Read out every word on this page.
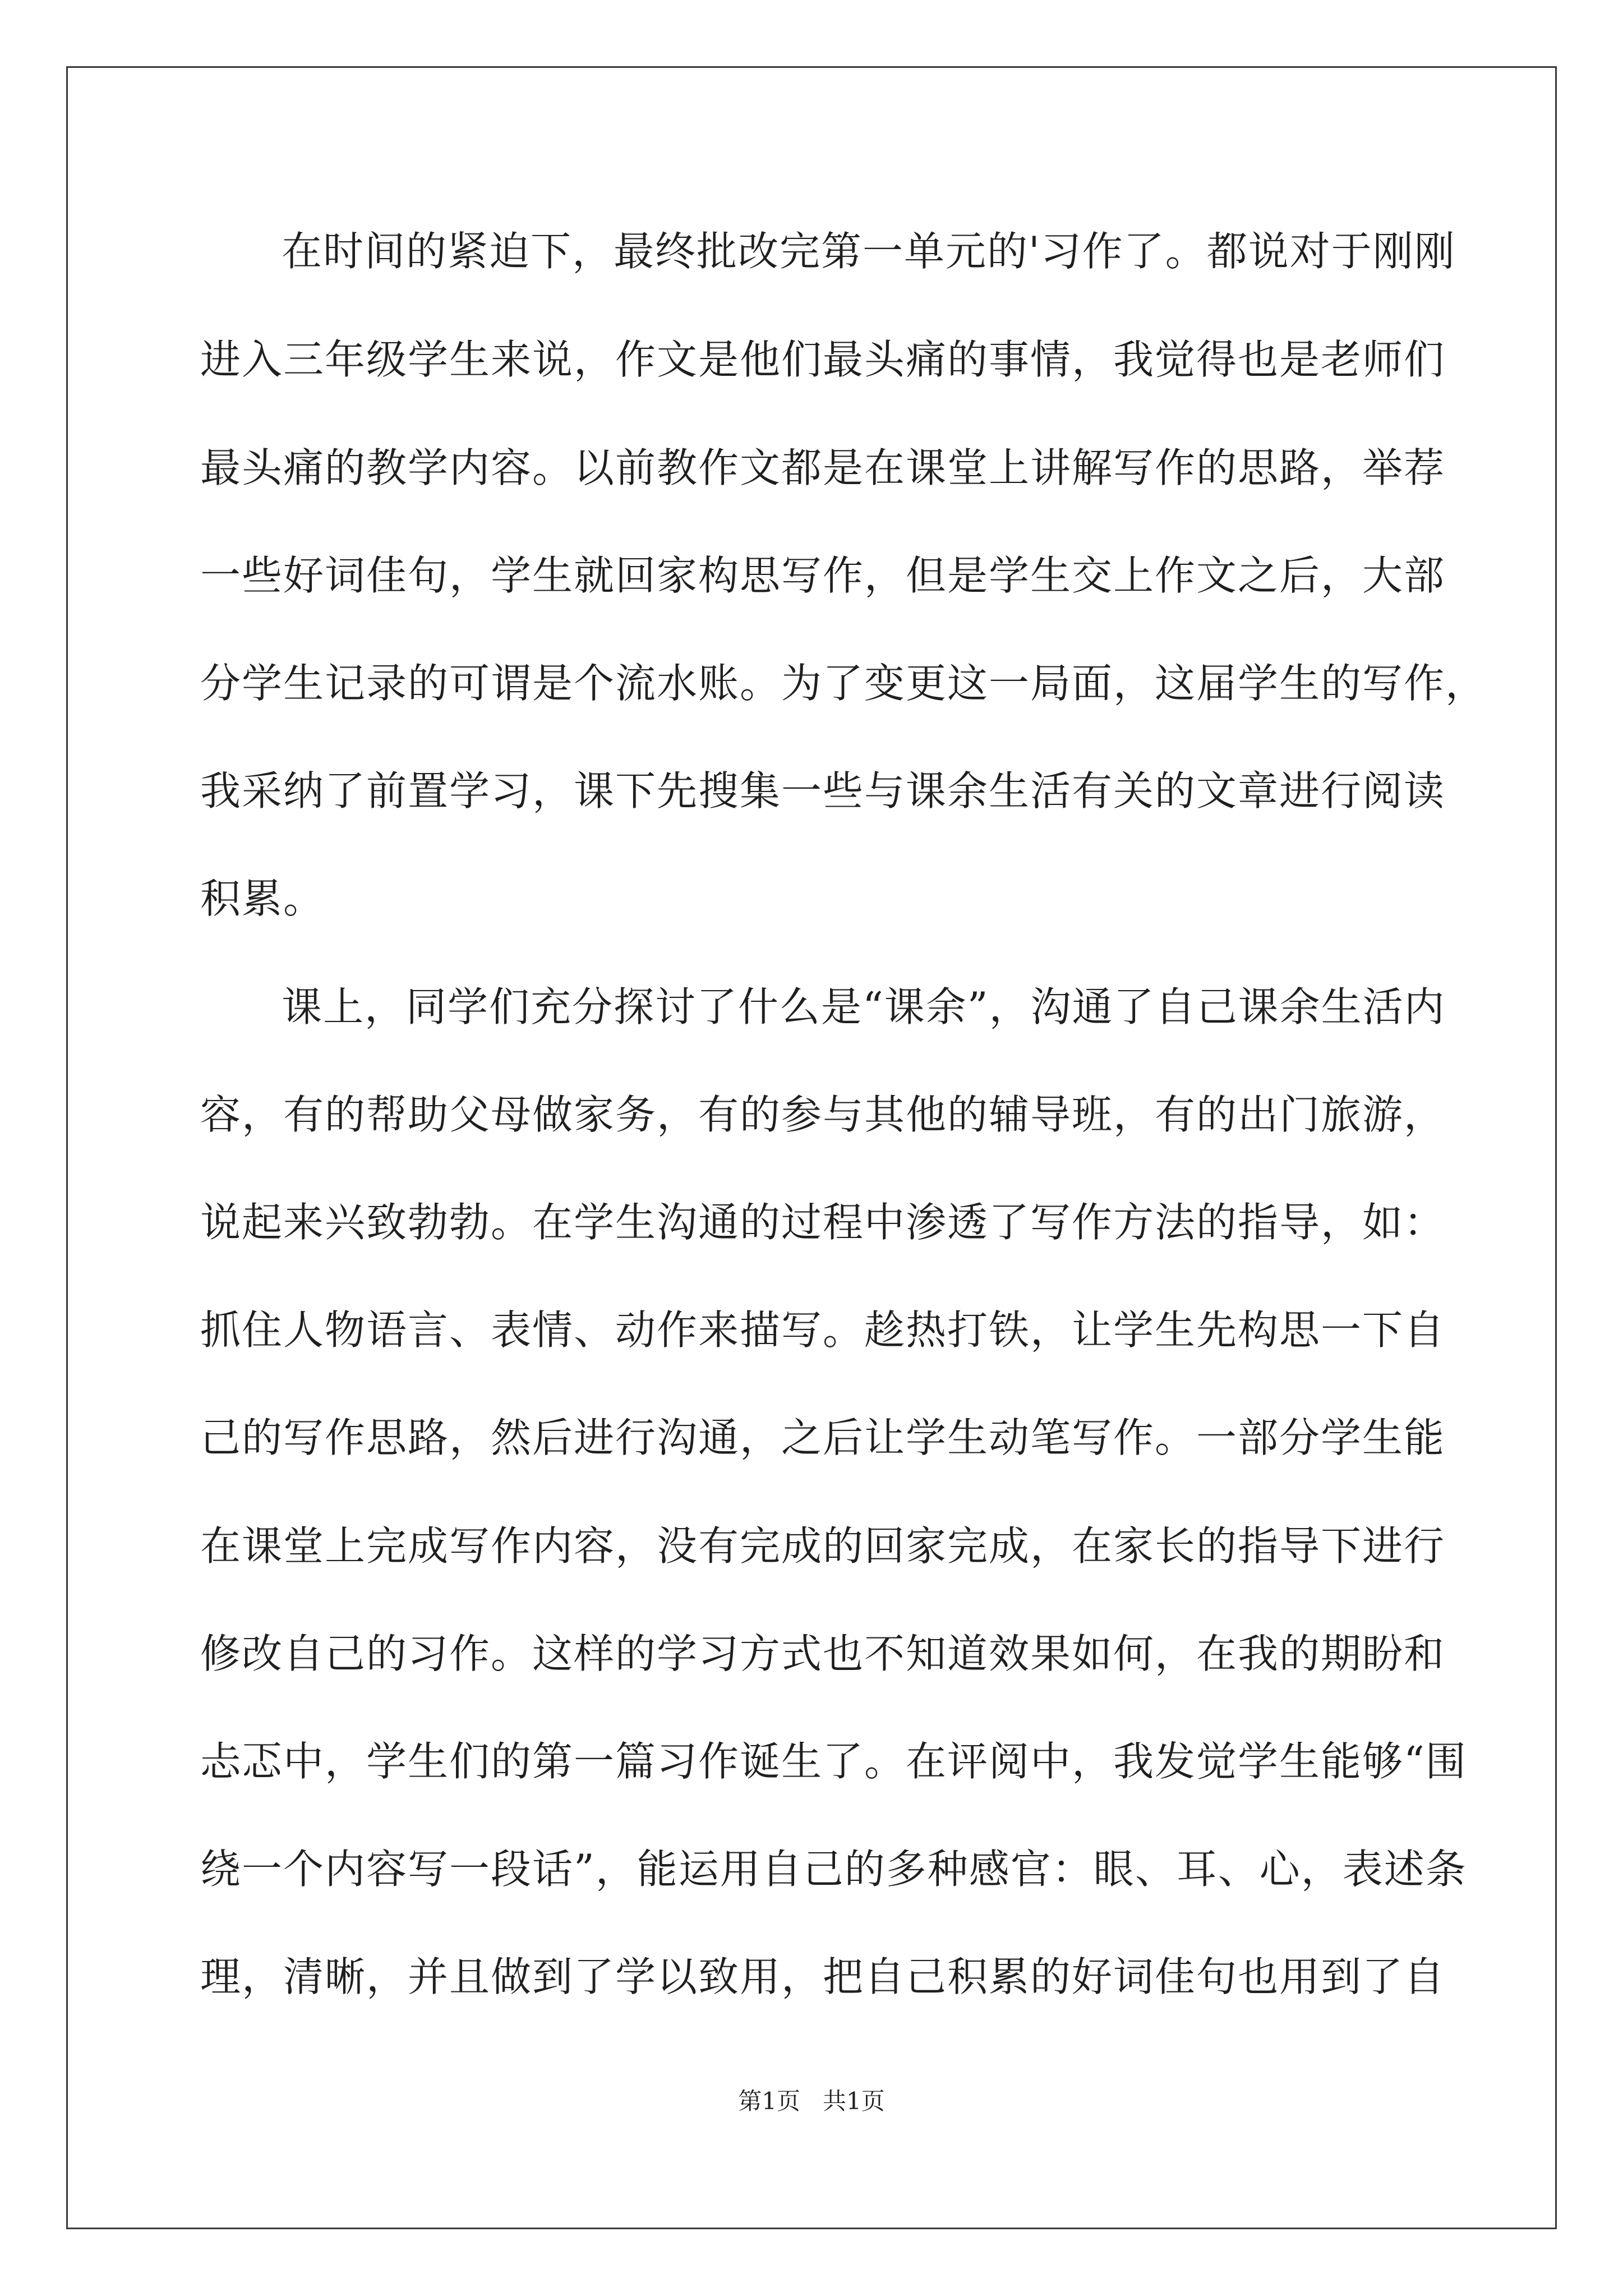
在时间的紧迫下，最终批改完第一单元的'习作了。都说对于刚刚
进入三年级学生来说，作文是他们最头痛的事情，我觉得也是老师们
最头痛的教学内容。以前教作文都是在课堂上讲解写作的思路，举荐
一些好词佳句，学生就回家构思写作，但是学生交上作文之后，大部
分学生记录的可谓是个流水账。为了变更这一局面，这届学生的写作，
我采纳了前置学习，课下先搜集一些与课余生活有关的文章进行阅读
积累。
课上，同学们充分探讨了什么是“课余”，沟通了自己课余生活内
容，有的帮助父母做家务，有的参与其他的辅导班，有的出门旅游，
说起来兴致勃勃。在学生沟通的过程中渗透了写作方法的指导，如：
抓住人物语言、表情、动作来描写。趁热打铁，让学生先构思一下自
己的写作思路，然后进行沟通，之后让学生动笔写作。一部分学生能
在课堂上完成写作内容，没有完成的回家完成，在家长的指导下进行
修改自己的习作。这样的学习方式也不知道效果如何，在我的期盼和
忐忑中，学生们的第一篇习作诞生了。在评阅中，我发觉学生能够“围
绕一个内容写一段话”，能运用自己的多种感官：眼、耳、心，表述条
理，清晰，并且做到了学以致用，把自己积累的好词佳句也用到了自
第1页   共1页
